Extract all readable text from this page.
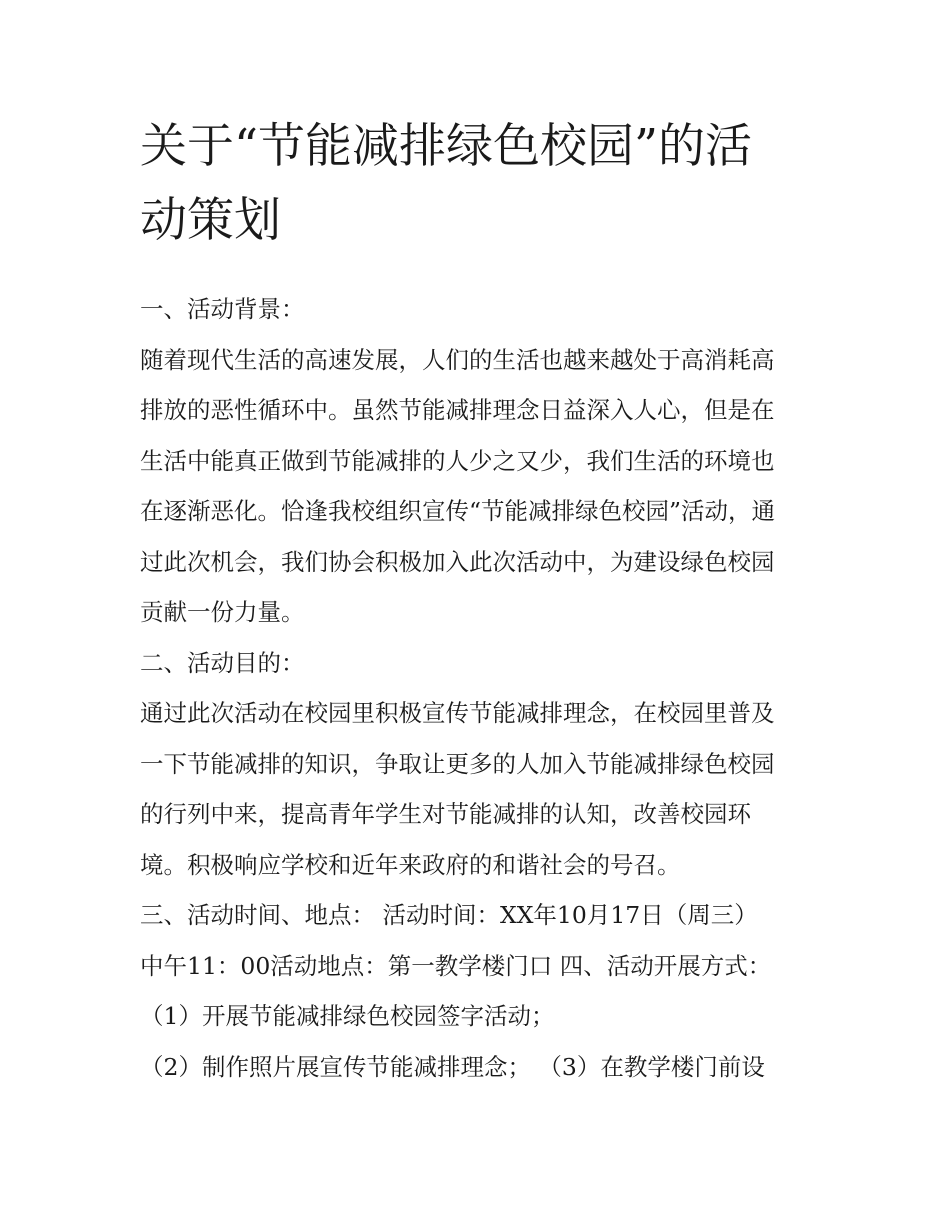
关于“节能减排绿色校园”的活
动策划

一、活动背景：

随着现代生活的高速发展，人们的生活也越来越处于高消耗高

排放的恶性循环中。虽然节能减排理念日益深入人心，但是在

生活中能真正做到节能减排的人少之又少，我们生活的环境也

在逐渐恶化。恰逢我校组织宣传“节能减排绿色校园”活动，通

过此次机会，我们协会积极加入此次活动中，为建设绿色校园

贡献一份力量。

二、活动目的：

通过此次活动在校园里积极宣传节能减排理念，在校园里普及

一下节能减排的知识，争取让更多的人加入节能减排绿色校园

的行列中来，提高青年学生对节能减排的认知，改善校园环

境。积极响应学校和近年来政府的和谐社会的号召。

三、活动时间、地点： 活动时间：XX年10月17日（周三）

中午11：00活动地点：第一教学楼门口 四、活动开展方式：

（1）开展节能减排绿色校园签字活动；

（2）制作照片展宣传节能减排理念； （3）在教学楼门前设
